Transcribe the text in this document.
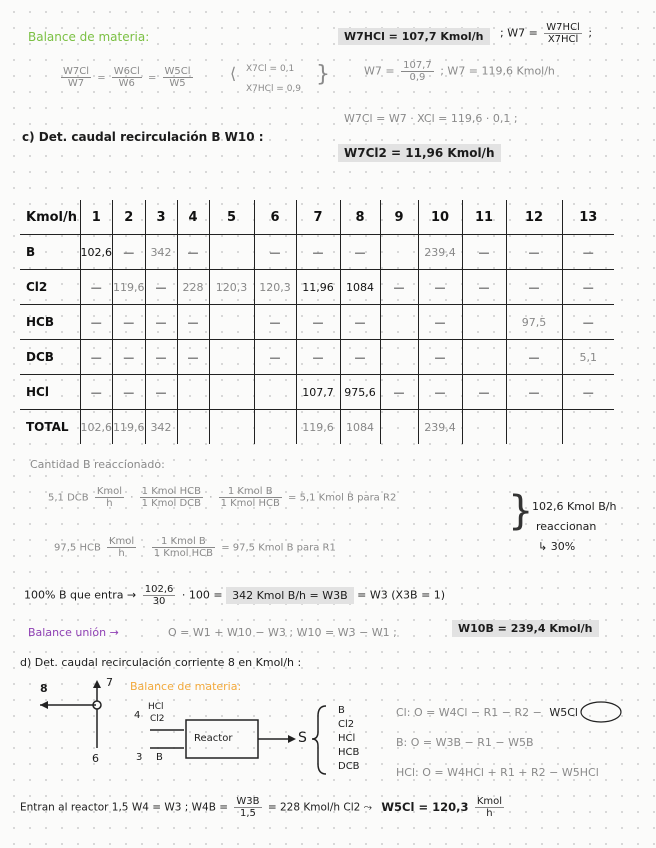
Balance de materia:
$\frac{W7Cl}{W7} = \frac{W6Cl}{W6} = \frac{W5Cl}{W5}$ ⟨ X7Cl = 0,1
X7HCl = 0,9
}
W7HCl = 107,7 Kmol/h	; $W7 = \frac{\text{W7HCl}}{\text{X7HCl}}$ ;
$W7 = \frac{107,7}{0,9}$ ; W7 = 119,6 Kmol/h
W7Cl = W7 · XCl = 119,6 · 0,1 ;
W7Cl2 = 11,96 Kmol/h
c) Det. caudal recirculación B W10 :
Kmol/h	1	2	3	4	5	6	7	8	9	10	11	12	13
B	102,6	—	342	—		—	—	—		239,4	—	—	—
Cl2	—	119,6	—	228	120,3	120,3	11,96	1084	—	—	—	—	—
HCB	—	—	—	—		—	—	—		—		97,5	—
DCB	—	—	—	—		—	—	—		—		—	5,1
HCl	—	—	—				107,7	975,6	—	—	—	—	—
TOTAL	102,6	119,6	342				119,6	1084		239,4			
Cantidad B reaccionado:
5,1 DCB $\frac{\text{Kmol}}{h} \cdot \frac{\text{1 Kmol HCB}}{\text{1 Kmol DCB}} \cdot \frac{\text{1 Kmol B}}{\text{1 Kmol HCB}} = 5,1$ Kmol B para R2
97,5 HCB $\frac{\text{Kmol}}{h} \cdot \frac{\text{1 Kmol B}}{\text{1 Kmol HCB}} = 97,5$ Kmol B para R1
}
102,6 Kmol B/h
reaccionan
↳ 30%
100% B que entra → $\frac{102,6}{30} \cdot 100 = 342$ Kmol B/h = W3B = W3 (X3B = 1)
Balance unión →	O = W1 + W10 − W3 ; W10 = W3 − W1 ;	W10B = 239,4 Kmol/h
d) Det. caudal recirculación corriente 8 en Kmol/h :
8	7
6
Balance de materia:
4
HCl
Cl2
3 B
Reactor	S
B
Cl2
HCl
HCB
DCB
Cl: O = W4Cl − R1 − R2 − W5Cl
B: O = W3B − R1 − W5B
HCl: O = W4HCl + R1 + R2 − W5HCl
Entran al reactor 1,5 W4 = W3 ; $W4B = \frac{W3B}{1,5} = 228$ Kmol/h Cl2 ⤳ $W5Cl = 120,3 \frac{\text{Kmol}}{h}$
